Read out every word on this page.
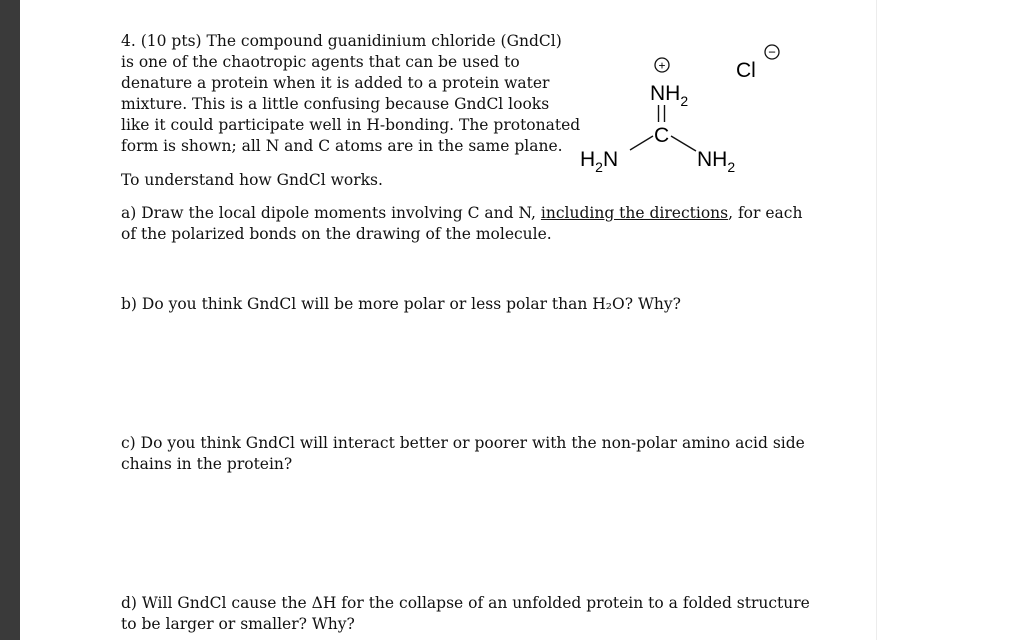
4. (10 pts) The compound guanidinium chloride (GndCl)
is one of the chaotropic agents that can be used to
denature a protein when it is added to a protein water
mixture. This is a little confusing because GndCl looks
like it could participate well in H-bonding. The protonated
form is shown; all N and C atoms are in the same plane.
+
$NH_2$
C
$H_2N$	$NH_2$
Cl
−

To understand how GndCl works.

a) Draw the local dipole moments involving C and N, including the directions, for each of the polarized bonds on the drawing of the molecule.

b) Do you think GndCl will be more polar or less polar than H₂O? Why?

c) Do you think GndCl will interact better or poorer with the non-polar amino acid side chains in the protein?

d) Will GndCl cause the ΔH for the collapse of an unfolded protein to a folded structure to be larger or smaller? Why?
